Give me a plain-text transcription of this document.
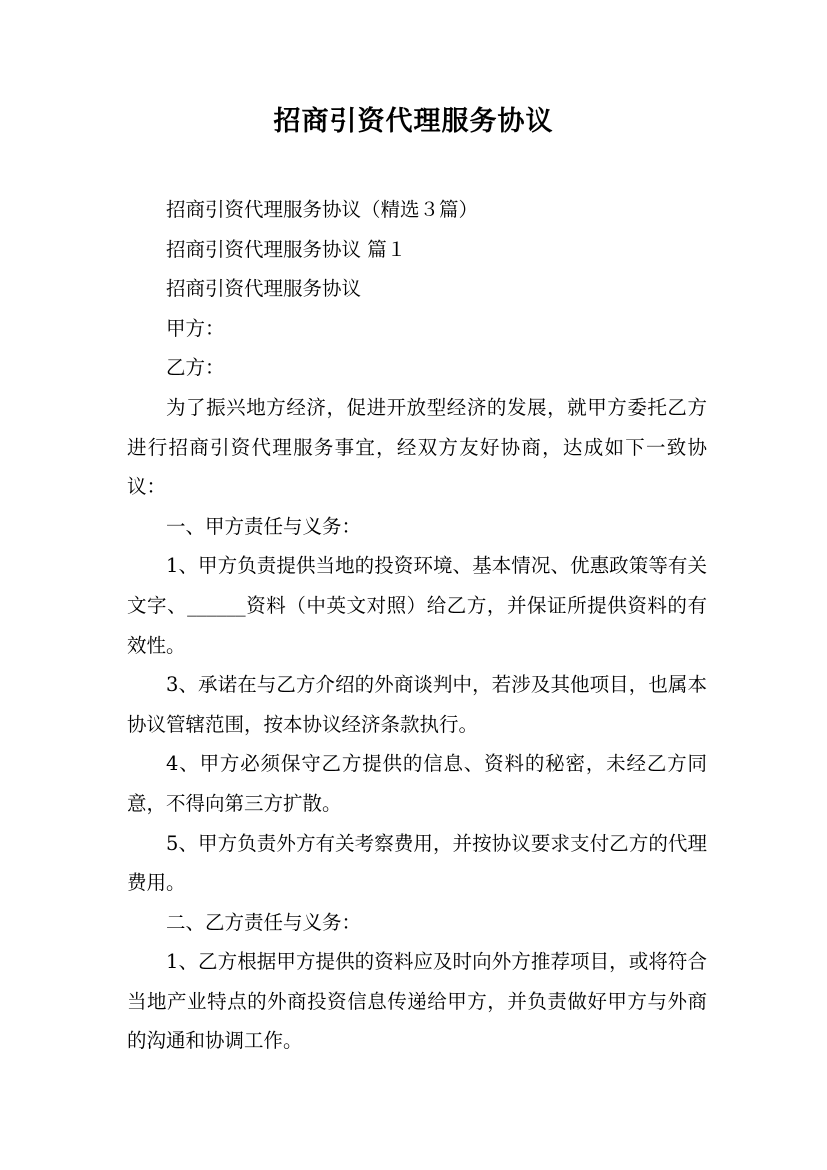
招商引资代理服务协议

招商引资代理服务协议（精选３篇）

招商引资代理服务协议 篇１

招商引资代理服务协议

甲方：

乙方：

为了振兴地方经济，促进开放型经济的发展，就甲方委托乙方进行招商引资代理服务事宜，经双方友好协商，达成如下一致协议：

一、甲方责任与义务：

1、甲方负责提供当地的投资环境、基本情况、优惠政策等有关文字、______资料（中英文对照）给乙方，并保证所提供资料的有效性。

3、承诺在与乙方介绍的外商谈判中，若涉及其他项目，也属本协议管辖范围，按本协议经济条款执行。

4、甲方必须保守乙方提供的信息、资料的秘密，未经乙方同意，不得向第三方扩散。

5、甲方负责外方有关考察费用，并按协议要求支付乙方的代理费用。

二、乙方责任与义务：

1、乙方根据甲方提供的资料应及时向外方推荐项目，或将符合当地产业特点的外商投资信息传递给甲方，并负责做好甲方与外商的沟通和协调工作。
